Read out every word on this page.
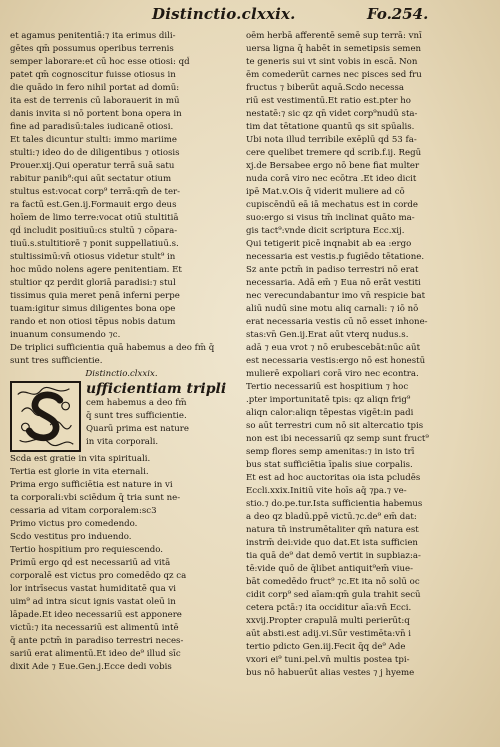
Distinctio.clxxix.	Fo.254.
et agamus penitentiā:⁊ ita erimus dili-
gētes qm̄ possumus operibus terrenis
semper laborare:et cū hoc esse otiosi: qd̄
patet qm̄ cognoscitur fuisse otiosus in
die quādo in fero nihil portat ad domū:
ita est de terrenis cū laborauerit in mū
danis invita si nō portent bona opera in
fine ad paradisū:tales iudicanē otiosi.
Et tales dicuntur stulti: immo mariime
stulti:⁊ ideo do de diligentibus ⁊ otiosis
Prouer.xij.Qui operatur terrā suā satu
rabitur panib⁹:qui aūt sectatur otium
stultus est:vocat corp⁹ terrā:qm̄ de ter-
ra factū est.Gen.ij.Formauit ergo deus
hoīem de limo terre:vocat otiū stultitiā
qd̄ includit positiuū:cs stultū ⁊ cōpara-
tiuū.s.stultitiorē ⁊ ponit suppellatiuū.s.
stultissimū:vn̄ otiosus videtur stult⁹ in
hoc mūdo nolens agere penitentiam. Et
stultior qz perdit gloriā paradisi:⁊ stul
tissimus quia meret penā inferni perpe
tuam:igitur simus diligentes bona ope
rando et non otiosi tēpus nobis datum
inuanum consumendo ⁊c.
De triplici sufficientia quā habemus a deo fm̄ q̄ sunt tres sufficientie.
Distinctio.clxxix.
ufficientiam tripli
cem habemus a deo fm̄
q̄ sunt tres sufficientie.
Quarū prima est nature
in vita corporali.
Scda est gratie in vita spirituali.
Tertia est glorie in vita eternali.
Prima ergo sufficiētia est nature in vi
ta corporali:vbi sciēdum q̄ tria sunt ne-
cessaria ad vitam corporalem:sc3
Primo victus pro comedendo.
Scdo vestitus pro induendo.
Tertio hospitium pro requiescendo.
Primū ergo qd̄ est necessariū ad vitā
corporalē est victus pro comedēdo qz ca
lor intrīsecus vastat humiditatē qua vi
uim⁹ ad intra sicut ignis vastat oleū in
lāpade.Et ideo necessariū est apponere
victū:⁊ ita necessariū est alimentū intē
q̄ ante pctm̄ in paradiso terrestri neces-
sariū erat alimentū.Et ideo de⁹ illud sīc
dixit Ade ⁊ Eue.Gen.j.Ecce dedi vobis
oēm herbā afferentē semē sup terrā: vnī
uersa ligna q̄ habēt in semetipsis semen
te generis sui vt sint vobis in escā. Non
ēm comederūt carnes nec pisces sed fru
fructus ⁊ biberūt aquā.Scdo necessa
riū est vestimentū.Et ratio est.pter ho
nestatē:⁊ sic qz qn̄ videt corp⁹nudū sta-
tim dat tētatione quantū qs sit spūalis.
Ubi nota illud terribile exēplū qd̄ 53 fa-
cere quelibet tremere qd̄ scrib.f.ij. Regū
xj.de Bersabee ergo nō bene fiat multer
nuda corā viro nec ecōtra .Et ideo dicit
ipē Mat.v.Ois q̄ viderit muliere ad cō
cupiscēndū eā iā mechatus est in corde
suo:ergo si visus tm̄ inclinat quāto ma-
gis tact⁹:vnde dicit scriptura Ecc.xij.
Qui tetigerit picē inqnabit ab ea :ergo
necessaria est vestis.p fugiēdo tētatione.
Sz ante pctm̄ in padiso terrestri nō erat
necessaria. Adā em̄ ⁊ Eua nō erāt vestiti
nec verecundabantur imo vn̄ respicie bat
aliū nudū sine motu aliq carnali: ⁊ iō nō
erat necessaria vestis cū nō esset inhone-
stas:vn̄ Gen.ij.Erat aūt vterq nudus.s.
adā ⁊ eua vrot ⁊ nō erubescebāt:nūc aūt
est necessaria vestis:ergo nō est honestū
mulierē expoliari corā viro nec econtra.
Tertio necessariū est hospitium ⁊ hoc
.pter importunitatē tpis: qz aliqn frig⁹
aliqn calor:aliqn tēpestas vigēt:in padi
so aūt terrestri cum nō sit altercatio tpis
non est ibi necessariū qz semp sunt fruct⁹
semp flores semp amenitas:⁊ in isto trī
bus stat sufficiētia īpalis siue corpalis.
Et est ad hoc auctoritas oia ista pcludēs
Eccli.xxix.Initiū vite hoīs aq̄ ⁊pa.⁊ ve-
stio.⁊ do.pe.tur.Ista sufficientia habemus
a deo qz bladū.ppē victū.⁊c.de⁹ em̄ dat:
natura tn̄ instrumētaliter qm̄ natura est
instrm̄ dei:vide quo dat.Et ista sufficien
tia quā de⁹ dat demō vertit in supbiaz:a-
tē:vide quō de q̄libet antiquit⁹em̄ viue-
bāt comedēdo fruct⁹ ⁊c.Et ita nō solū oc
cidit corp⁹ sed aīam:qm̄ gula trahit secū
cetera pctā:⁊ ita occiditur aīa:vn̄ Ecci.
xxvij.Propter crapulā multi perierūt:q
aūt absti.est adij.vi.Sūr vestimēta:vn̄ i
tertio pdicto Gen.iij.Fecit q̄q de⁹ Ade
vxori ei⁹ tuni.pel.vn̄ multis postea tpi-
bus nō habuerūt alias vestes ⁊ j hyeme
